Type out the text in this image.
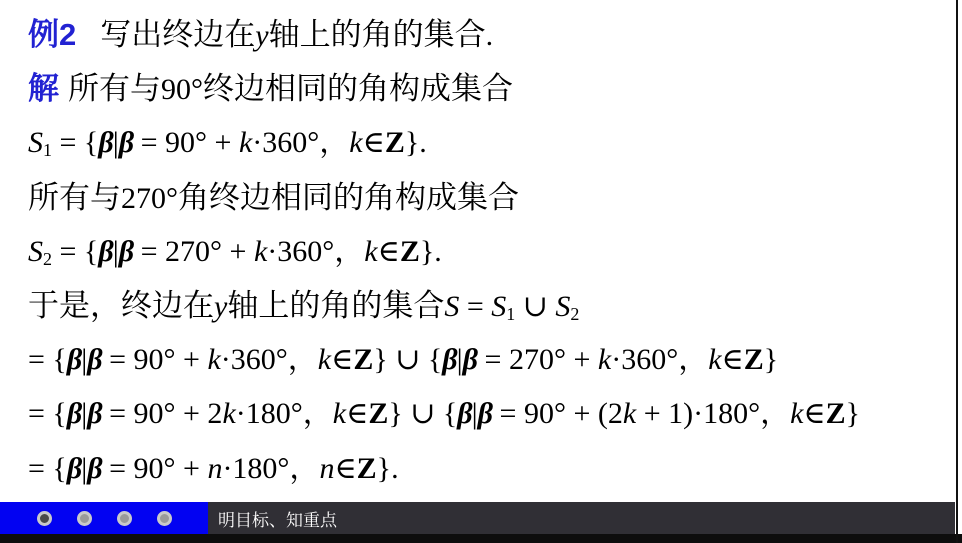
例2 写出终边在y轴上的角的集合.
解 所有与90°终边相同的角构成集合
S1 = {β|β = 90° + k·360°，k∈Z}.
所有与270°角终边相同的角构成集合
S2 = {β|β = 270° + k·360°，k∈Z}.
于是，终边在y轴上的角的集合S = S1 ∪ S2
= {β|β = 90° + k·360°，k∈Z} ∪ {β|β = 270° + k·360°，k∈Z}
= {β|β = 90° + 2k·180°，k∈Z} ∪ {β|β = 90° + (2k + 1)·180°，k∈Z}
= {β|β = 90° + n·180°，n∈Z}.
明目标、知重点
